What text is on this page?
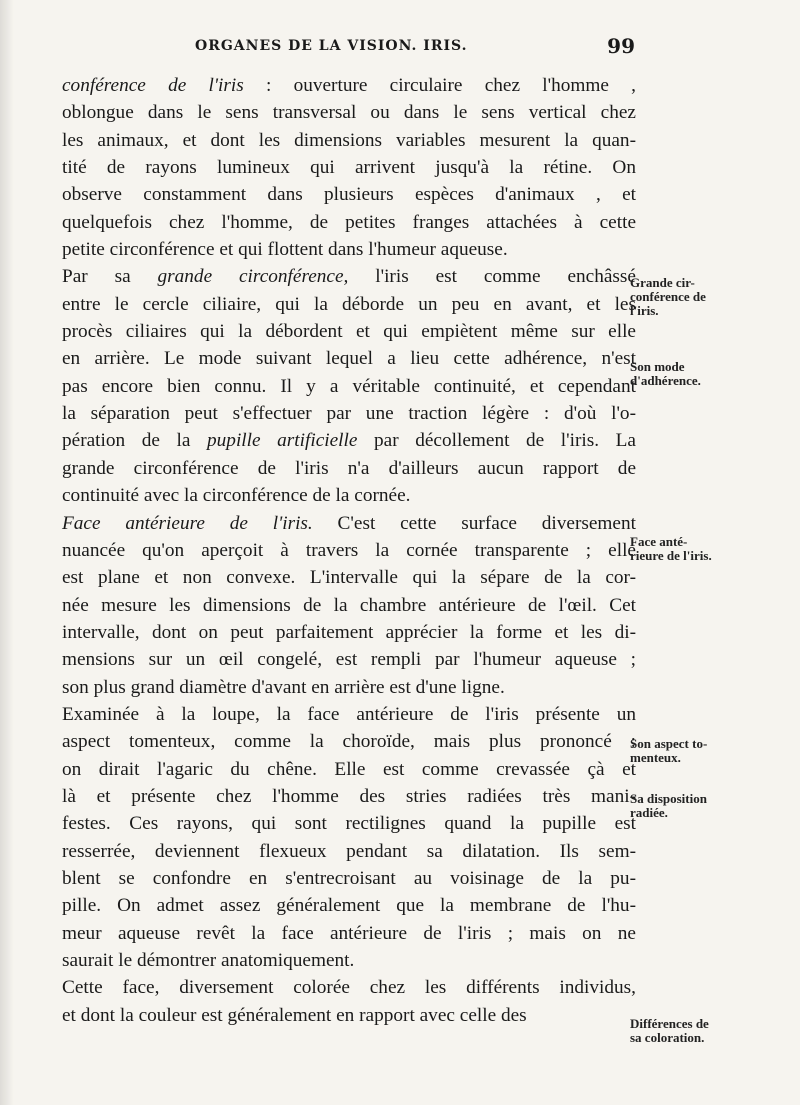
ORGANES DE LA VISION. IRIS.	99
conférence de l'iris : ouverture circulaire chez l'homme ,
oblongue dans le sens transversal ou dans le sens vertical chez
les animaux, et dont les dimensions variables mesurent la quan-
tité de rayons lumineux qui arrivent jusqu'à la rétine. On
observe constamment dans plusieurs espèces d'animaux , et
quelquefois chez l'homme, de petites franges attachées à cette
petite circonférence et qui flottent dans l'humeur aqueuse.
Par sa grande circonférence, l'iris est comme enchâssé
entre le cercle ciliaire, qui la déborde un peu en avant, et les
procès ciliaires qui la débordent et qui empiètent même sur elle
en arrière. Le mode suivant lequel a lieu cette adhérence, n'est
pas encore bien connu. Il y a véritable continuité, et cependant
la séparation peut s'effectuer par une traction légère : d'où l'o-
pération de la pupille artificielle par décollement de l'iris. La
grande circonférence de l'iris n'a d'ailleurs aucun rapport de
continuité avec la circonférence de la cornée.
Face antérieure de l'iris. C'est cette surface diversement
nuancée qu'on aperçoit à travers la cornée transparente ; elle
est plane et non convexe. L'intervalle qui la sépare de la cor-
née mesure les dimensions de la chambre antérieure de l'œil. Cet
intervalle, dont on peut parfaitement apprécier la forme et les di-
mensions sur un œil congelé, est rempli par l'humeur aqueuse ;
son plus grand diamètre d'avant en arrière est d'une ligne.
Examinée à la loupe, la face antérieure de l'iris présente un
aspect tomenteux, comme la choroïde, mais plus prononcé :
on dirait l'agaric du chêne. Elle est comme crevassée çà et
là et présente chez l'homme des stries radiées très mani-
festes. Ces rayons, qui sont rectilignes quand la pupille est
resserrée, deviennent flexueux pendant sa dilatation. Ils sem-
blent se confondre en s'entrecroisant au voisinage de la pu-
pille. On admet assez généralement que la membrane de l'hu-
meur aqueuse revêt la face antérieure de l'iris ; mais on ne
saurait le démontrer anatomiquement.
Cette face, diversement colorée chez les différents individus,
et dont la couleur est généralement en rapport avec celle des
Grande cir-
conférence de
l'iris.
Son mode
d'adhérence.
Face anté-
rieure de l'iris.
Son aspect to-
menteux.
Sa disposition
radiée.
Différences de
sa coloration.
